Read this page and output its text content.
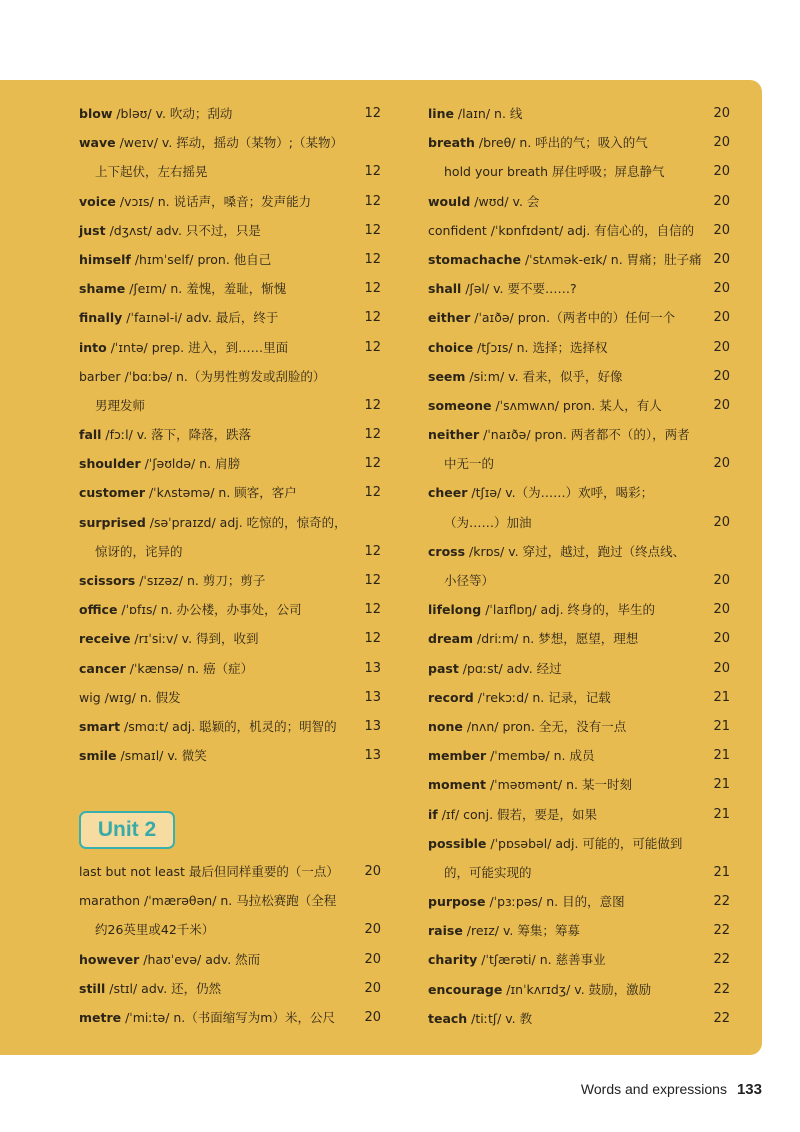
blow /bləʊ/ v. 吹动；刮动	12
wave /weɪv/ v. 挥动，摇动（某物）;（某物）
上下起伏，左右摇晃	12
voice /vɔɪs/ n. 说话声，嗓音；发声能力	12
just /dʒʌst/ adv. 只不过，只是	12
himself /hɪmˈself/ pron. 他自己	12
shame /ʃeɪm/ n. 羞愧，羞耻，惭愧	12
finally /ˈfaɪnəl-i/ adv. 最后，终于	12
into /ˈɪntə/ prep. 进入，到……里面	12
barber /ˈbɑːbə/ n.（为男性剪发或刮脸的）
男理发师	12
fall /fɔːl/ v. 落下，降落，跌落	12
shoulder /ˈʃəʊldə/ n. 肩膀	12
customer /ˈkʌstəmə/ n. 顾客，客户	12
surprised /səˈpraɪzd/ adj. 吃惊的，惊奇的，
惊讶的，诧异的	12
scissors /ˈsɪzəz/ n. 剪刀；剪子	12
office /ˈɒfɪs/ n. 办公楼，办事处，公司	12
receive /rɪˈsiːv/ v. 得到，收到	12
cancer /ˈkænsə/ n. 癌（症）	13
wig /wɪg/ n. 假发	13
smart /smɑːt/ adj. 聪颖的，机灵的；明智的 13
smile /smaɪl/ v. 微笑	13
Unit 2
last but not least 最后但同样重要的（一点） 20
marathon /ˈmærəθən/ n. 马拉松赛跑（全程
约26英里或42千米）	20
however /haʊˈevə/ adv. 然而	20
still /stɪl/ adv. 还，仍然	20
metre /ˈmiːtə/ n.（书面缩写为m）米，公尺 20
line /laɪn/ n. 线	20
breath /breθ/ n. 呼出的气；吸入的气	20
hold your breath 屏住呼吸；屏息静气	20
would /wʊd/ v. 会	20
confident /ˈkɒnfɪdənt/ adj. 有信心的，自信的 20
stomachache /ˈstʌmək-eɪk/ n. 胃痛；肚子痛 20
shall /ʃəl/ v. 要不要……?	20
either /ˈaɪðə/ pron.（两者中的）任何一个	20
choice /tʃɔɪs/ n. 选择；选择权	20
seem /siːm/ v. 看来，似乎，好像	20
someone /ˈsʌmwʌn/ pron. 某人，有人	20
neither /ˈnaɪðə/ pron. 两者都不（的），两者
中无一的	20
cheer /tʃɪə/ v.（为……）欢呼，喝彩；
（为……）加油	20
cross /krɒs/ v. 穿过，越过，跑过（终点线、
小径等）	20
lifelong /ˈlaɪflɒŋ/ adj. 终身的，毕生的	20
dream /driːm/ n. 梦想，愿望，理想	20
past /pɑːst/ adv. 经过	20
record /ˈrekɔːd/ n. 记录，记载	21
none /nʌn/ pron. 全无，没有一点	21
member /ˈmembə/ n. 成员	21
moment /ˈməʊmənt/ n. 某一时刻	21
if /ɪf/ conj. 假若，要是，如果	21
possible /ˈpɒsəbəl/ adj. 可能的，可能做到
的，可能实现的	21
purpose /ˈpɜːpəs/ n. 目的，意图	22
raise /reɪz/ v. 筹集；筹募	22
charity /ˈtʃærəti/ n. 慈善事业	22
encourage /ɪnˈkʌrɪdʒ/ v. 鼓励，激励	22
teach /tiːtʃ/ v. 教	22
Words and expressions 133
